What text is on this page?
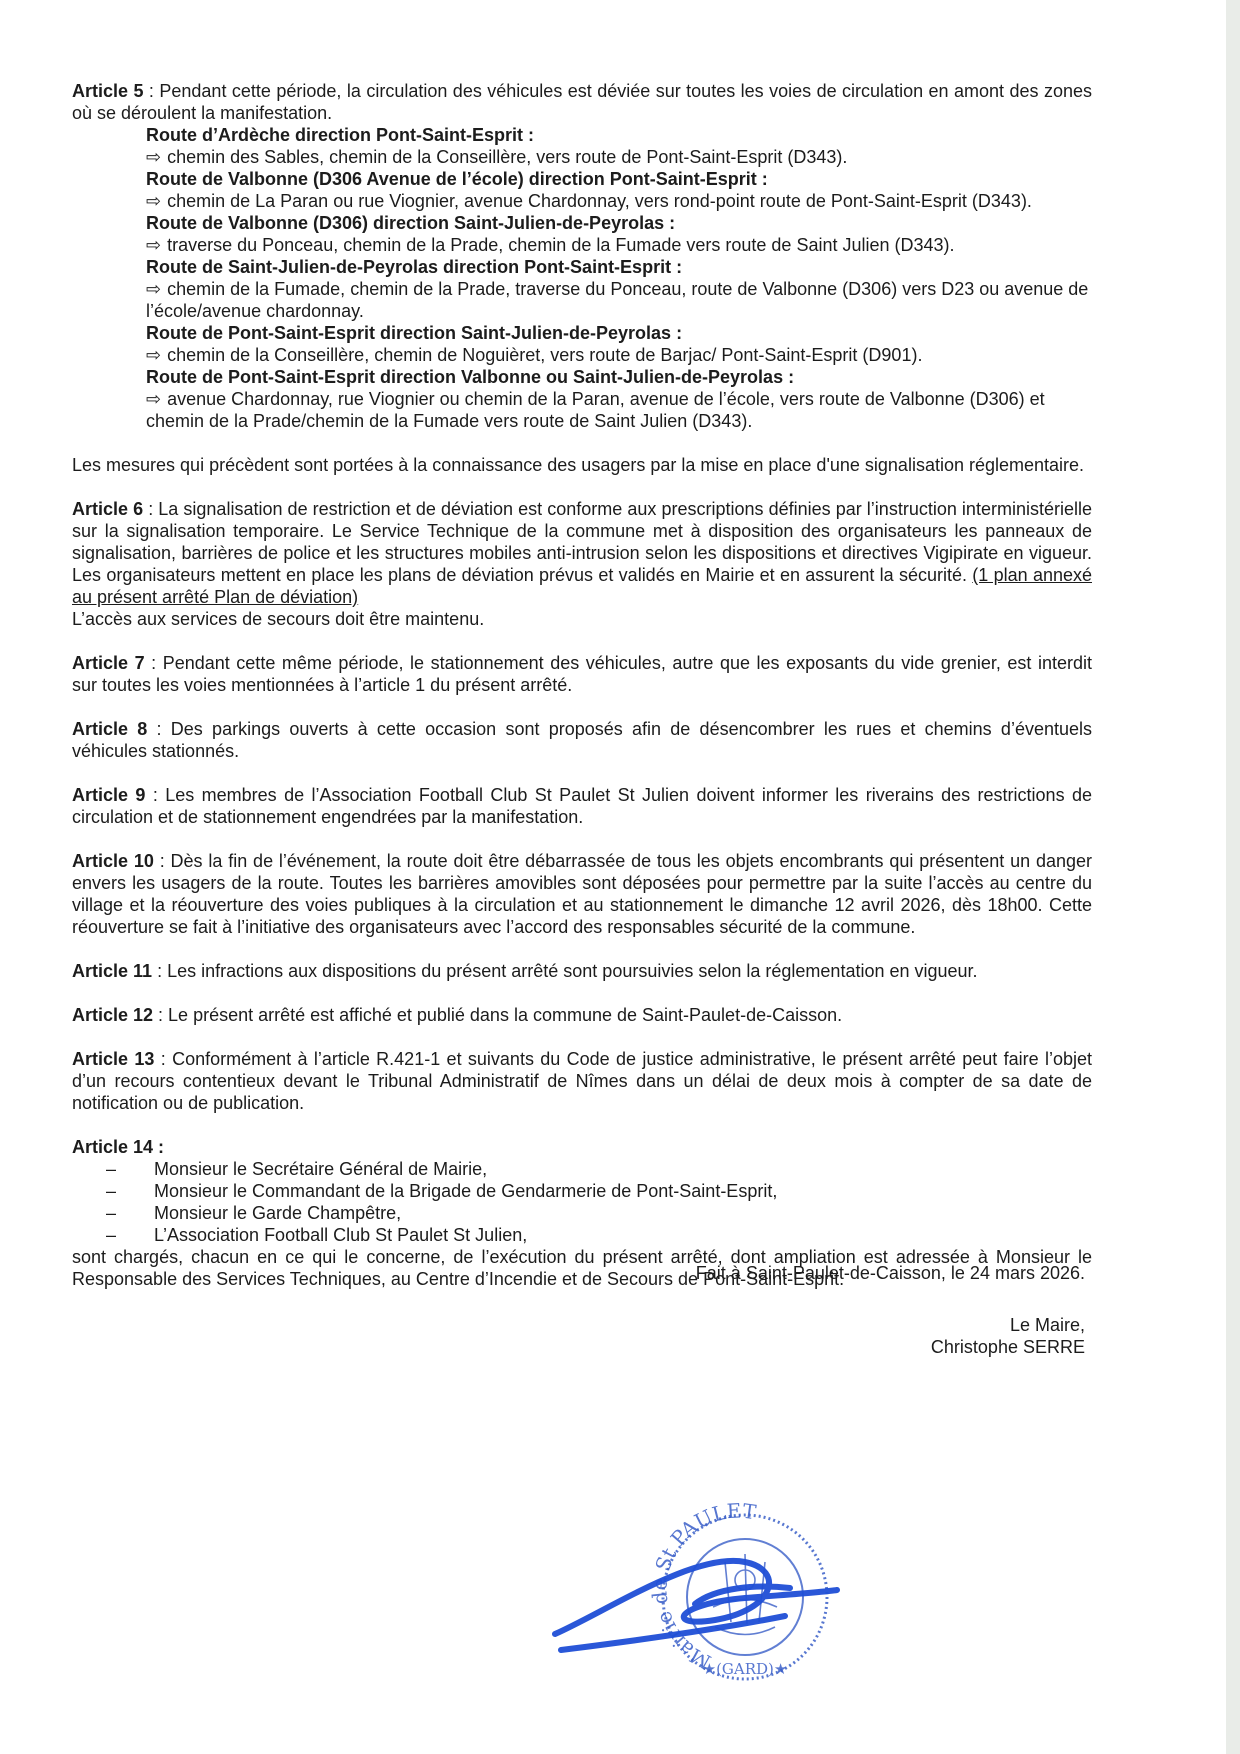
Article 5 : Pendant cette période, la circulation des véhicules est déviée sur toutes les voies de circulation en amont des zones où se déroulent la manifestation.

Route d’Ardèche direction Pont-Saint-Esprit :

⇨ chemin des Sables, chemin de la Conseillère, vers route de Pont-Saint-Esprit (D343).

Route de Valbonne (D306 Avenue de l’école) direction Pont-Saint-Esprit :

⇨ chemin de La Paran ou rue Viognier, avenue Chardonnay, vers rond-point route de Pont-Saint-Esprit (D343).

Route de Valbonne (D306) direction Saint-Julien-de-Peyrolas :

⇨ traverse du Ponceau, chemin de la Prade, chemin de la Fumade vers route de Saint Julien (D343).

Route de Saint-Julien-de-Peyrolas direction Pont-Saint-Esprit :

⇨ chemin de la Fumade, chemin de la Prade, traverse du Ponceau, route de Valbonne (D306) vers D23 ou avenue de l’école/avenue chardonnay.

Route de Pont-Saint-Esprit direction Saint-Julien-de-Peyrolas :

⇨ chemin de la Conseillère, chemin de Noguièret, vers route de Barjac/ Pont-Saint-Esprit (D901).

Route de Pont-Saint-Esprit direction Valbonne ou Saint-Julien-de-Peyrolas :

⇨ avenue Chardonnay, rue Viognier ou chemin de la Paran, avenue de l’école, vers route de Valbonne (D306) et chemin de la Prade/chemin de la Fumade vers route de Saint Julien (D343).

Les mesures qui précèdent sont portées à la connaissance des usagers par la mise en place d'une signalisation réglementaire.

Article 6 : La signalisation de restriction et de déviation est conforme aux prescriptions définies par l’instruction interministérielle sur la signalisation temporaire. Le Service Technique de la commune met à disposition des organisateurs les panneaux de signalisation, barrières de police et les structures mobiles anti-intrusion selon les dispositions et directives Vigipirate en vigueur. Les organisateurs mettent en place les plans de déviation prévus et validés en Mairie et en assurent la sécurité. (1 plan annexé au présent arrêté Plan de déviation)

L’accès aux services de secours doit être maintenu.

Article 7 : Pendant cette même période, le stationnement des véhicules, autre que les exposants du vide grenier, est interdit sur toutes les voies mentionnées à l’article 1 du présent arrêté.

Article 8 : Des parkings ouverts à cette occasion sont proposés afin de désencombrer les rues et chemins d’éventuels véhicules stationnés.

Article 9 : Les membres de l’Association Football Club St Paulet St Julien doivent informer les riverains des restrictions de circulation et de stationnement engendrées par la manifestation.

Article 10 : Dès la fin de l’événement, la route doit être débarrassée de tous les objets encombrants qui présentent un danger envers les usagers de la route. Toutes les barrières amovibles sont déposées pour permettre par la suite l’accès au centre du village et la réouverture des voies publiques à la circulation et au stationnement le dimanche 12 avril 2026, dès 18h00. Cette réouverture se fait à l’initiative des organisateurs avec l’accord des responsables sécurité de la commune.

Article 11 : Les infractions aux dispositions du présent arrêté sont poursuivies selon la réglementation en vigueur.

Article 12 : Le présent arrêté est affiché et publié dans la commune de Saint-Paulet-de-Caisson.

Article 13 : Conformément à l’article R.421-1 et suivants du Code de justice administrative, le présent arrêté peut faire l’objet d’un recours contentieux devant le Tribunal Administratif de Nîmes dans un délai de deux mois à compter de sa date de notification ou de publication.

Article 14 :

– Monsieur le Secrétaire Général de Mairie,
– Monsieur le Commandant de la Brigade de Gendarmerie de Pont-Saint-Esprit,
– Monsieur le Garde Champêtre,
– L’Association Football Club St Paulet St Julien,

sont chargés, chacun en ce qui le concerne, de l’exécution du présent arrêté, dont ampliation est adressée à Monsieur le Responsable des Services Techniques, au Centre d’Incendie et de Secours de Pont-Saint-Esprit.

Fait à Saint-Paulet-de-Caisson, le 24 mars 2026.
Le Maire,
Christophe SERRE
Mairie de St PAULET
★(GARD)★
